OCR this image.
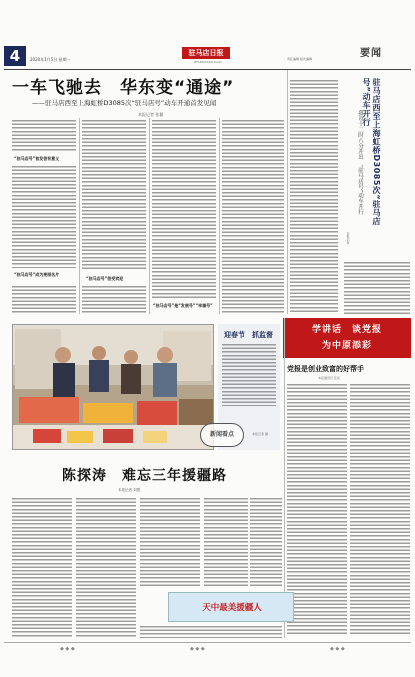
4	2020年1月5日 星期一
驻马店日报
ZHUMADIAN DAILY
责任编辑 版式编辑	要闻
一车飞驰去　华东变“通途”
——驻马店西至上海虹桥D3085次“驻马店号”动车开通首发见闻
本报记者 张翼
“驻马店号”首发很有意义
“驻马店号”成为亮丽名片
“驻马店号”很受欢迎
“驻马店号”是“发展号”“幸福号”
驻马店西至上海虹桥D3085次“驻马店号”动车开行
我市十二时八分开出　“驻马店号”动车开行
本报记者
学讲话　谈党报
为中原添彩
党报是创业致富的好帮手
本报通讯员 张民
迎春节　抓监督
本报记者 摄
新闻看点
陈探涛　难忘三年援疆路
本报记者 刘慧
天中最美援疆人
◆ ◆ ◆	◆ ◆ ◆	◆ ◆ ◆
